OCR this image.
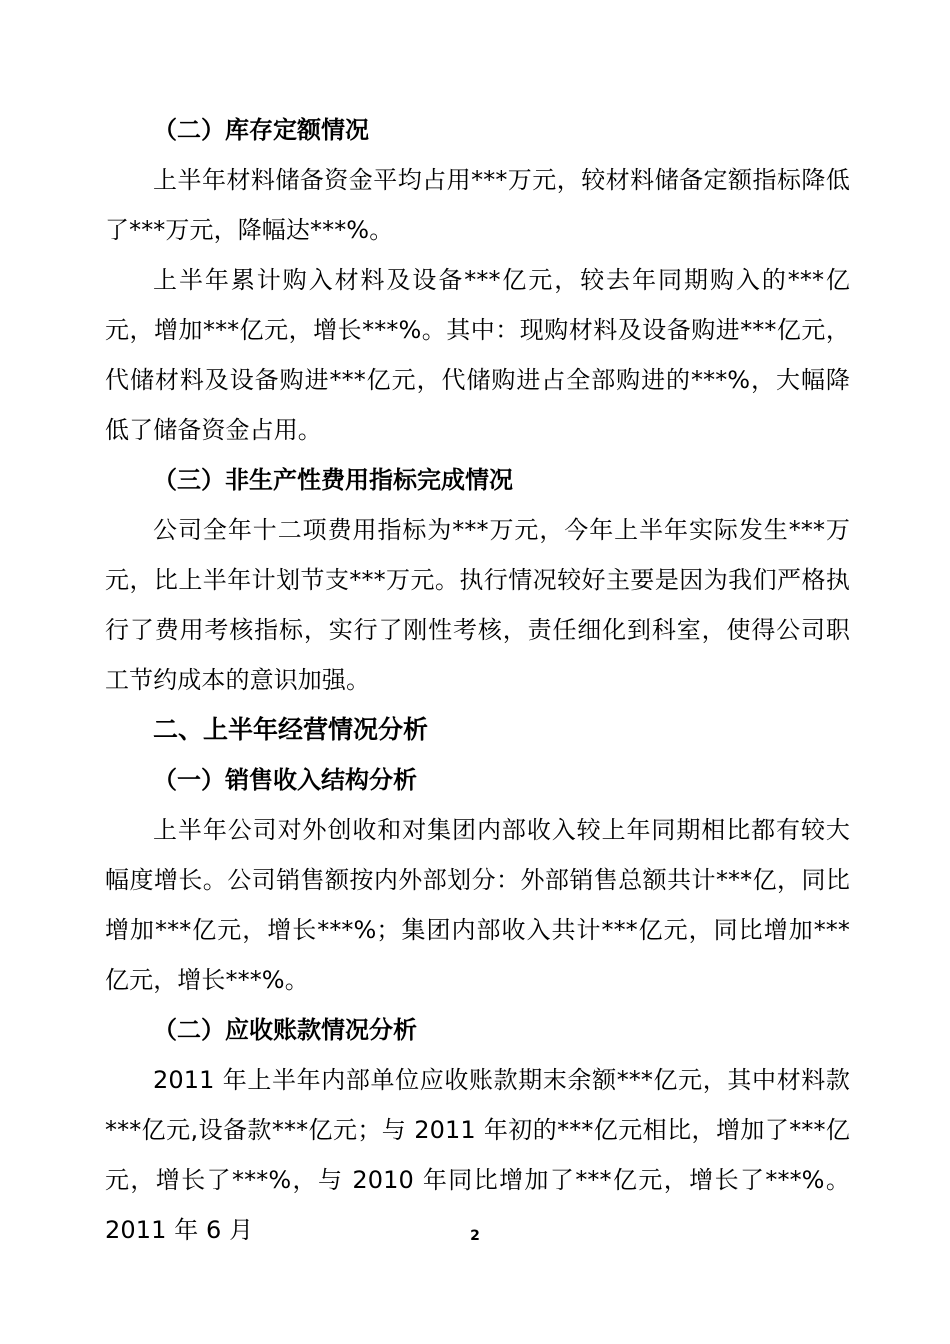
（二）库存定额情况

上半年材料储备资金平均占用***万元，较材料储备定额指标降低了***万元，降幅达***%。

上半年累计购入材料及设备***亿元，较去年同期购入的***亿元，增加***亿元，增长***%。其中：现购材料及设备购进***亿元，代储材料及设备购进***亿元，代储购进占全部购进的***%，大幅降低了储备资金占用。

（三）非生产性费用指标完成情况

公司全年十二项费用指标为***万元，今年上半年实际发生***万元，比上半年计划节支***万元。执行情况较好主要是因为我们严格执行了费用考核指标，实行了刚性考核，责任细化到科室，使得公司职工节约成本的意识加强。

二、上半年经营情况分析

（一）销售收入结构分析

上半年公司对外创收和对集团内部收入较上年同期相比都有较大幅度增长。公司销售额按内外部划分：外部销售总额共计***亿，同比增加***亿元，增长***%；集团内部收入共计***亿元，同比增加***亿元，增长***%。

（二）应收账款情况分析

2011 年上半年内部单位应收账款期末余额***亿元，其中材料款***亿元,设备款***亿元；与 2011 年初的***亿元相比，增加了***亿元，增长了***%，与 2010 年同比增加了***亿元，增长了***%。2011 年 6 月	2
